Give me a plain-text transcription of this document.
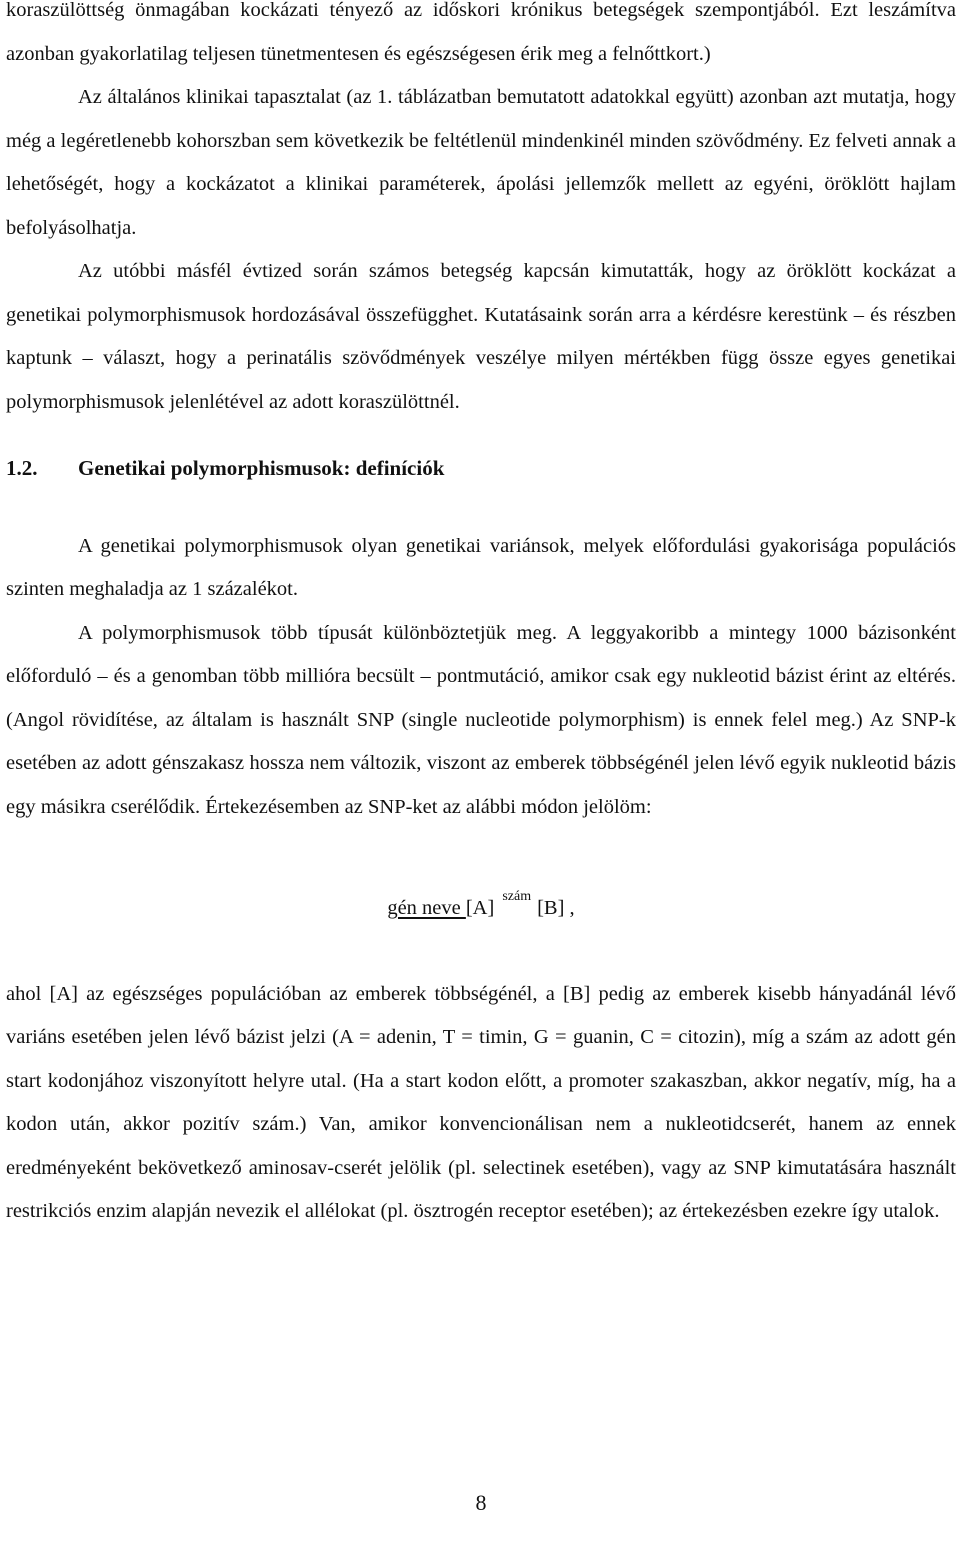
koraszülöttség önmagában kockázati tényező az időskori krónikus betegségek szempontjából. Ezt leszámítva azonban gyakorlatilag teljesen tünetmentesen és egészségesen érik meg a felnőttkort.)

Az általános klinikai tapasztalat (az 1. táblázatban bemutatott adatokkal együtt) azonban azt mutatja, hogy még a legéretlenebb kohorszban sem következik be feltétlenül mindenkinél minden szövődmény. Ez felveti annak a lehetőségét, hogy a kockázatot a klinikai paraméterek, ápolási jellemzők mellett az egyéni, öröklött hajlam befolyásolhatja.

Az utóbbi másfél évtized során számos betegség kapcsán kimutatták, hogy az öröklött kockázat a genetikai polymorphismusok hordozásával összefügghet. Kutatásaink során arra a kérdésre kerestünk – és részben kaptunk – választ, hogy a perinatális szövődmények veszélye milyen mértékben függ össze egyes genetikai polymorphismusok jelenlétével az adott koraszülöttnél.

1.2.	Genetikai polymorphismusok: definíciók

A genetikai polymorphismusok olyan genetikai variánsok, melyek előfordulási gyakorisága populációs szinten meghaladja az 1 százalékot.

A polymorphismusok több típusát különböztetjük meg. A leggyakoribb a mintegy 1000 bázisonként előforduló – és a genomban több millióra becsült – pontmutáció, amikor csak egy nukleotid bázist érint az eltérés. (Angol rövidítése, az általam is használt SNP (single nucleotide polymorphism) is ennek felel meg.) Az SNP-k esetében az adott génszakasz hossza nem változik, viszont az emberek többségénél jelen lévő egyik nukleotid bázis egy másikra cserélődik. Értekezésemben az SNP-ket az alábbi módon jelölöm:

gén neve $[A]^{szám}[B]$ ,

ahol [A] az egészséges populációban az emberek többségénél, a [B] pedig az emberek kisebb hányadánál lévő variáns esetében jelen lévő bázist jelzi (A = adenin, T = timin, G = guanin, C = citozin), míg a szám az adott gén start kodonjához viszonyított helyre utal. (Ha a start kodon előtt, a promoter szakaszban, akkor negatív, míg, ha a kodon után, akkor pozitív szám.) Van, amikor konvencionálisan nem a nukleotidcserét, hanem az ennek eredményeként bekövetkező aminosav-cserét jelölik (pl. selectinek esetében), vagy az SNP kimutatására használt restrikciós enzim alapján nevezik el allélokat (pl. ösztrogén receptor esetében); az értekezésben ezekre így utalok.

8
